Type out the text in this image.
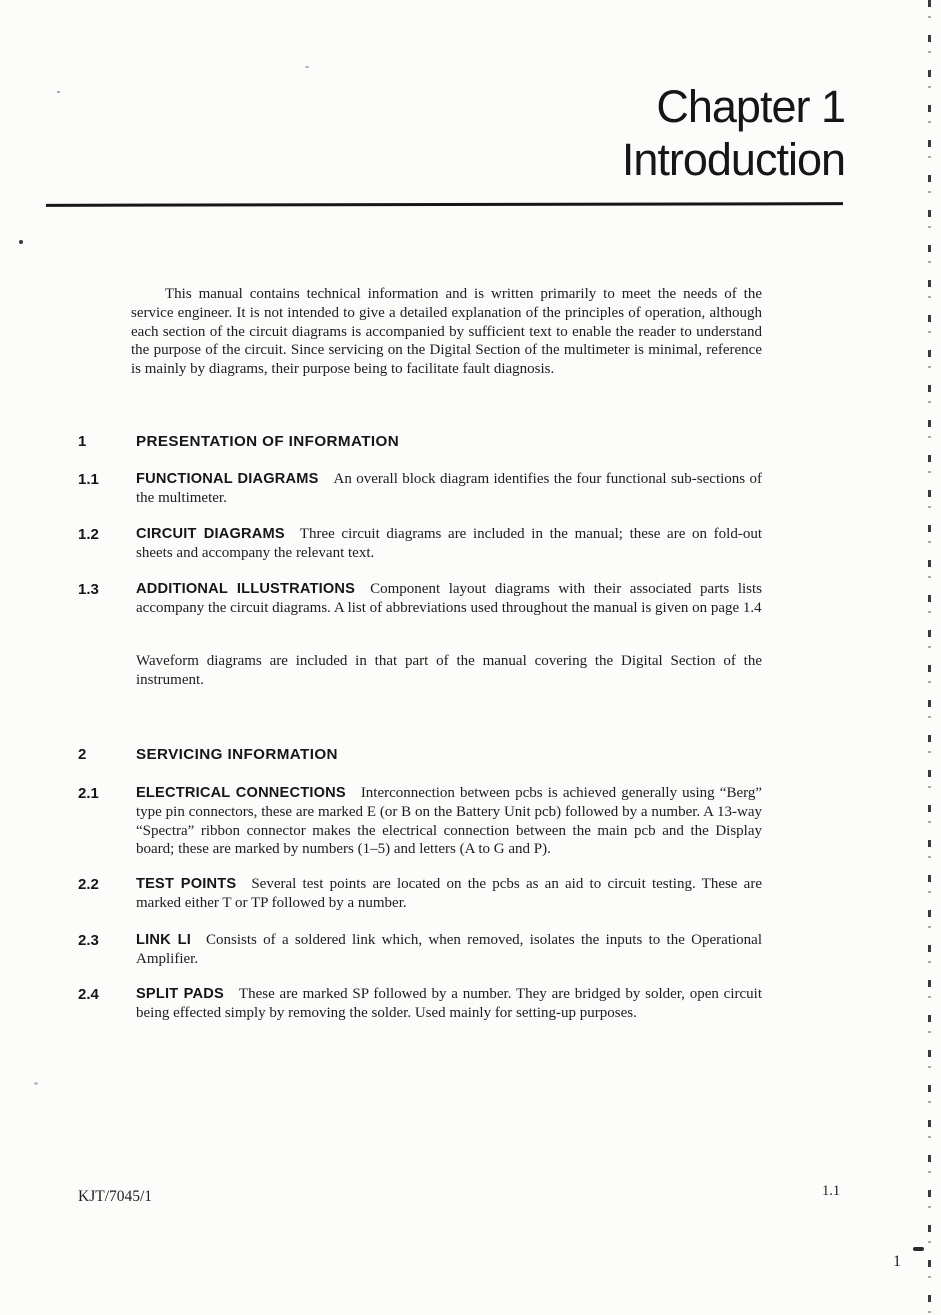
Chapter 1
Introduction

This manual contains technical information and is written primarily to meet the needs of the service engineer. It is not intended to give a detailed explanation of the principles of operation, although each section of the circuit diagrams is accompanied by sufficient text to enable the reader to understand the purpose of the circuit. Since servicing on the Digital Section of the multimeter is minimal, reference is mainly by diagrams, their purpose being to facilitate fault diagnosis.

1	PRESENTATION OF INFORMATION
1.1	FUNCTIONAL DIAGRAMS An overall block diagram identifies the four functional sub-sections of the multimeter.

1.2	CIRCUIT DIAGRAMS Three circuit diagrams are included in the manual; these are on fold-out sheets and accompany the relevant text.

1.3	ADDITIONAL ILLUSTRATIONS Component layout diagrams with their associated parts lists accompany the circuit diagrams. A list of abbreviations used throughout the manual is given on page 1.4

Waveform diagrams are included in that part of the manual covering the Digital Section of the instrument.

2	SERVICING INFORMATION
2.1	ELECTRICAL CONNECTIONS Interconnection between pcbs is achieved generally using “Berg” type pin connectors, these are marked E (or B on the Battery Unit pcb) followed by a number. A 13-way “Spectra” ribbon connector makes the electrical connection between the main pcb and the Display board; these are marked by numbers (1–5) and letters (A to G and P).

2.2	TEST POINTS Several test points are located on the pcbs as an aid to circuit testing. These are marked either T or TP followed by a number.

2.3	LINK LI Consists of a soldered link which, when removed, isolates the inputs to the Operational Amplifier.

2.4	SPLIT PADS These are marked SP followed by a number. They are bridged by solder, open circuit being effected simply by removing the solder. Used mainly for setting-up purposes.

KJT/7045/1	1.1
1
